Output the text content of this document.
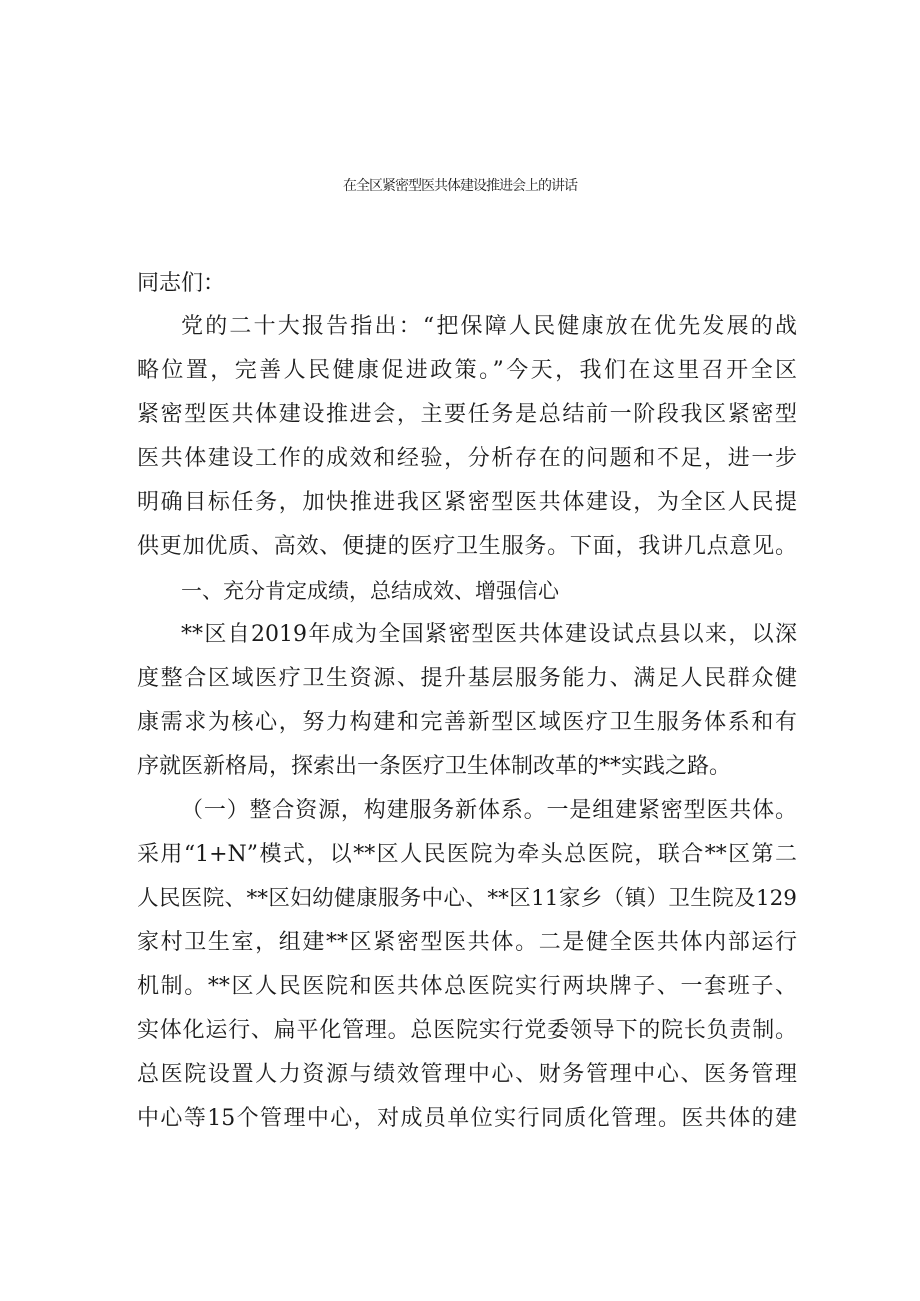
在全区紧密型医共体建设推进会上的讲话
同志们：
党的二十大报告指出：“把保障人民健康放在优先发展的战
略位置，完善人民健康促进政策。”今天，我们在这里召开全区
紧密型医共体建设推进会，主要任务是总结前一阶段我区紧密型
医共体建设工作的成效和经验，分析存在的问题和不足，进一步
明确目标任务，加快推进我区紧密型医共体建设，为全区人民提
供更加优质、高效、便捷的医疗卫生服务。下面，我讲几点意见。
一、充分肯定成绩，总结成效、增强信心
**区自2019年成为全国紧密型医共体建设试点县以来，以深
度整合区域医疗卫生资源、提升基层服务能力、满足人民群众健
康需求为核心，努力构建和完善新型区域医疗卫生服务体系和有
序就医新格局，探索出一条医疗卫生体制改革的**实践之路。
（一）整合资源，构建服务新体系。一是组建紧密型医共体。
采用“1+N”模式，以**区人民医院为牵头总医院，联合**区第二
人民医院、**区妇幼健康服务中心、**区11家乡（镇）卫生院及129
家村卫生室，组建**区紧密型医共体。二是健全医共体内部运行
机制。**区人民医院和医共体总医院实行两块牌子、一套班子、
实体化运行、扁平化管理。总医院实行党委领导下的院长负责制。
总医院设置人力资源与绩效管理中心、财务管理中心、医务管理
中心等15个管理中心，对成员单位实行同质化管理。医共体的建
